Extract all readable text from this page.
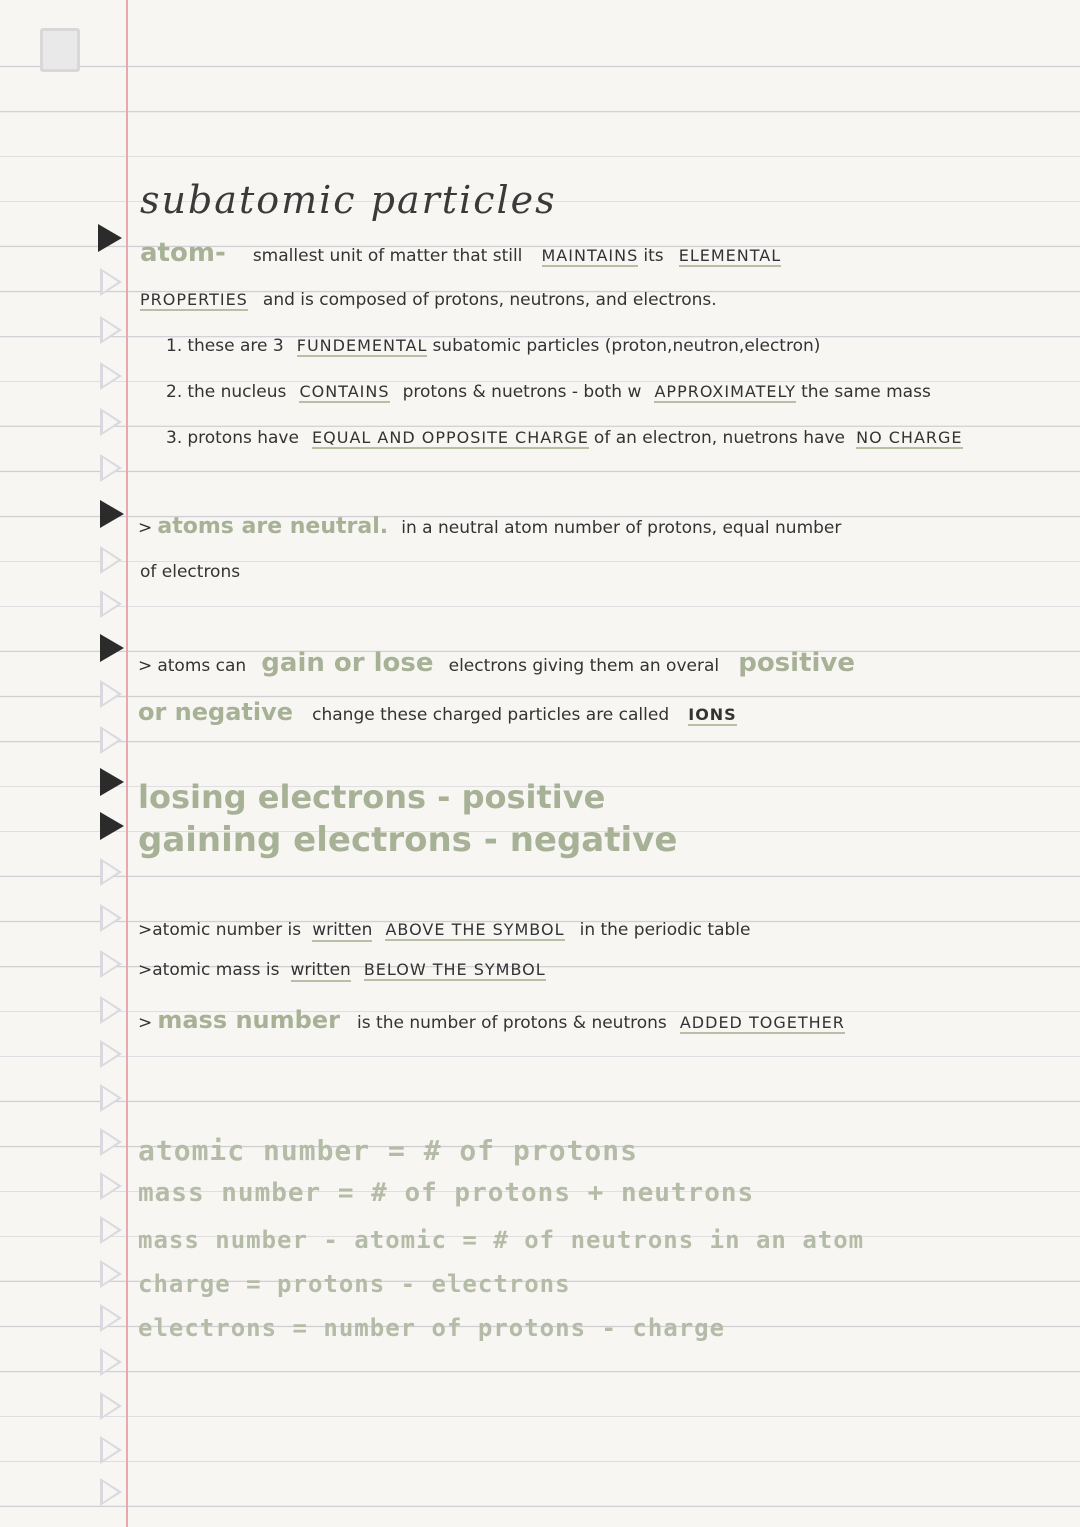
subatomic particles
atom- smallest unit of matter that still MAINTAINS its ELEMENTAL
PROPERTIES and is composed of protons, neutrons, and electrons.
1. these are 3 FUNDEMENTAL subatomic particles (proton,neutron,electron)
2. the nucleus CONTAINS protons & nuetrons - both w APPROXIMATELY the same mass
3. protons have EQUAL AND OPPOSITE CHARGE of an electron, nuetrons have NO CHARGE
> atoms are neutral. in a neutral atom number of protons, equal number
of electrons
> atoms can gain or lose electrons giving them an overal positive
or negative change these charged particles are called IONS
losing electrons - positive
gaining electrons - negative
>atomic number is written ABOVE THE SYMBOL in the periodic table
>atomic mass is written BELOW THE SYMBOL
> mass number is the number of protons & neutrons ADDED TOGETHER
atomic number = # of protons
mass number = # of protons + neutrons
mass number - atomic = # of neutrons in an atom
charge = protons - electrons
electrons = number of protons - charge
